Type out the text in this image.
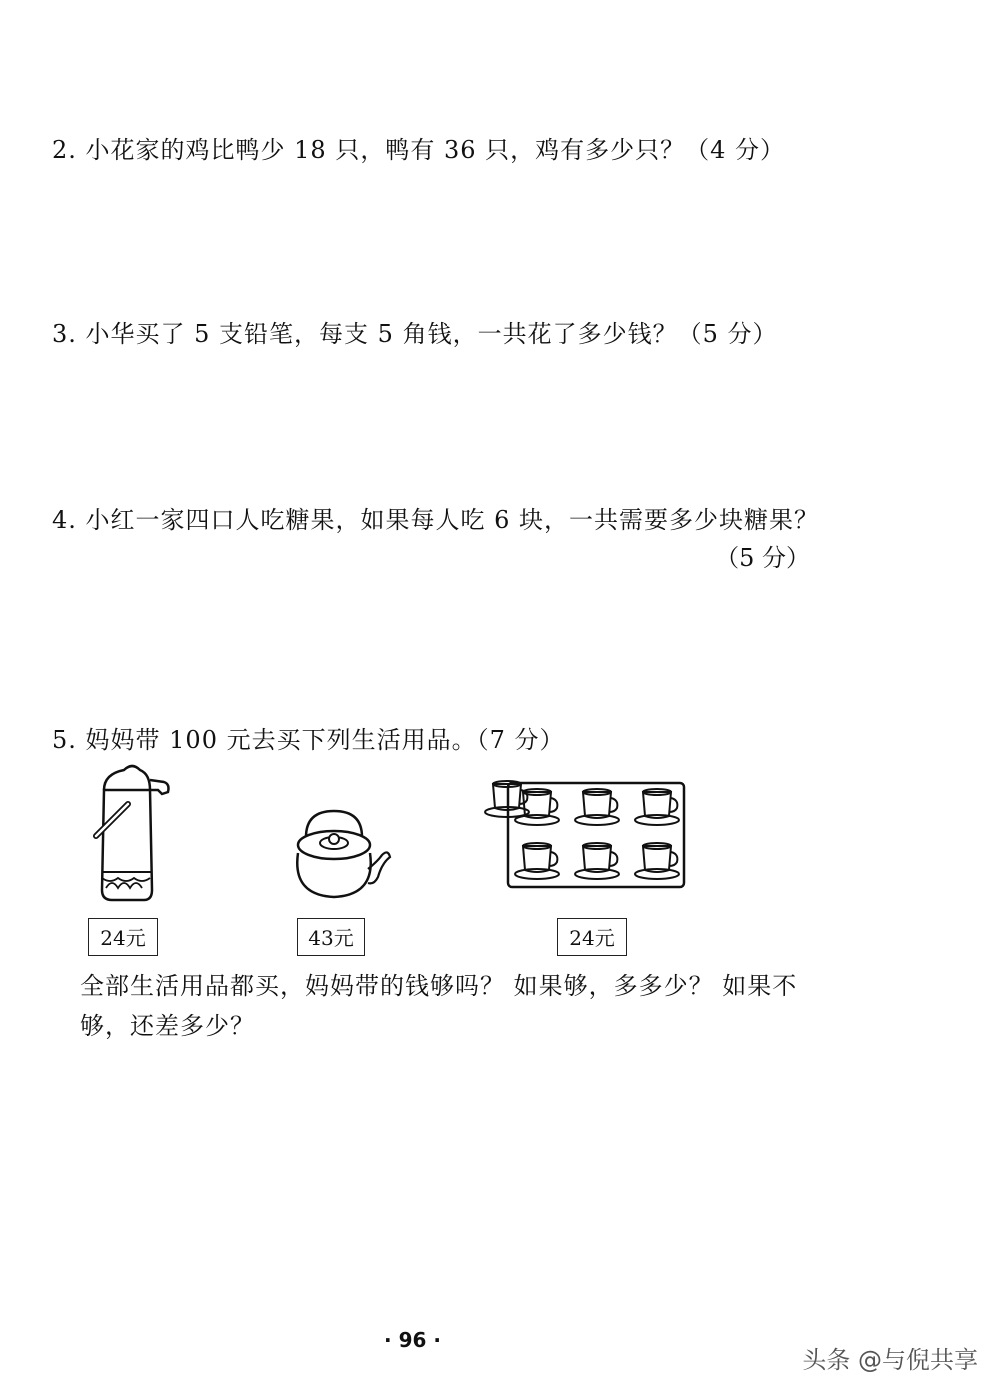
2. 小花家的鸡比鸭少 18 只，鸭有 36 只，鸡有多少只？（4 分）
3. 小华买了 5 支铅笔，每支 5 角钱，一共花了多少钱？（5 分）
4. 小红一家四口人吃糖果，如果每人吃 6 块，一共需要多少块糖果？
（5 分）
5. 妈妈带 100 元去买下列生活用品。（7 分）
24元	43元	24元
全部生活用品都买，妈妈带的钱够吗？ 如果够，多多少？ 如果不
够，还差多少？
· 96 ·
头条 @与倪共享
